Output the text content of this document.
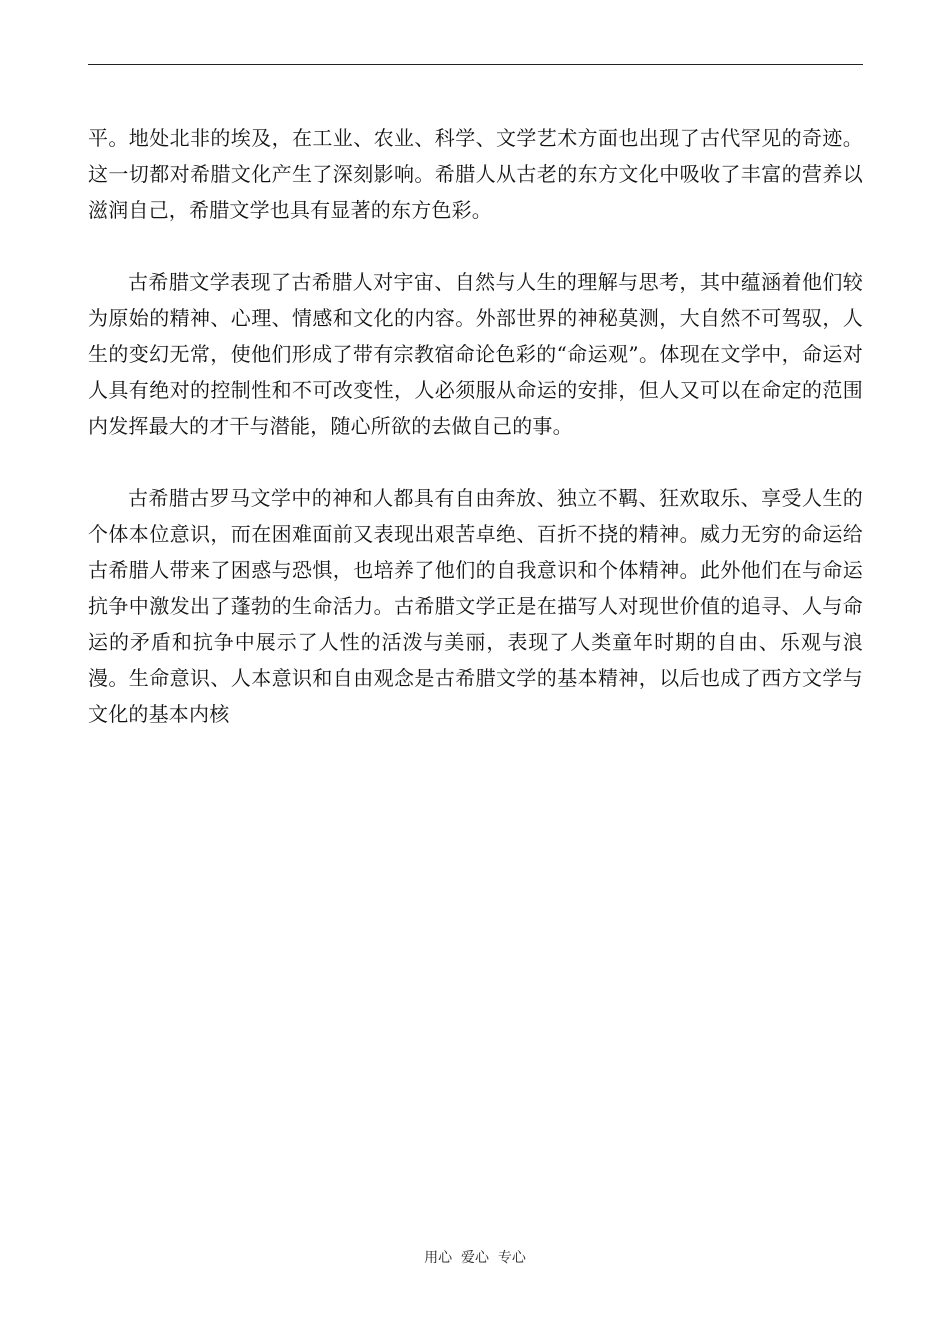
平。地处北非的埃及，在工业、农业、科学、文学艺术方面也出现了古代罕见的奇迹。这一切都对希腊文化产生了深刻影响。希腊人从古老的东方文化中吸收了丰富的营养以滋润自己，希腊文学也具有显著的东方色彩。

古希腊文学表现了古希腊人对宇宙、自然与人生的理解与思考，其中蕴涵着他们较为原始的精神、心理、情感和文化的内容。外部世界的神秘莫测，大自然不可驾驭，人生的变幻无常，使他们形成了带有宗教宿命论色彩的“命运观”。体现在文学中，命运对人具有绝对的控制性和不可改变性，人必须服从命运的安排，但人又可以在命定的范围内发挥最大的才干与潜能，随心所欲的去做自己的事。

古希腊古罗马文学中的神和人都具有自由奔放、独立不羁、狂欢取乐、享受人生的个体本位意识，而在困难面前又表现出艰苦卓绝、百折不挠的精神。威力无穷的命运给古希腊人带来了困惑与恐惧，也培养了他们的自我意识和个体精神。此外他们在与命运抗争中激发出了蓬勃的生命活力。古希腊文学正是在描写人对现世价值的追寻、人与命运的矛盾和抗争中展示了人性的活泼与美丽，表现了人类童年时期的自由、乐观与浪漫。生命意识、人本意识和自由观念是古希腊文学的基本精神，以后也成了西方文学与文化的基本内核

用心  爱心  专心
